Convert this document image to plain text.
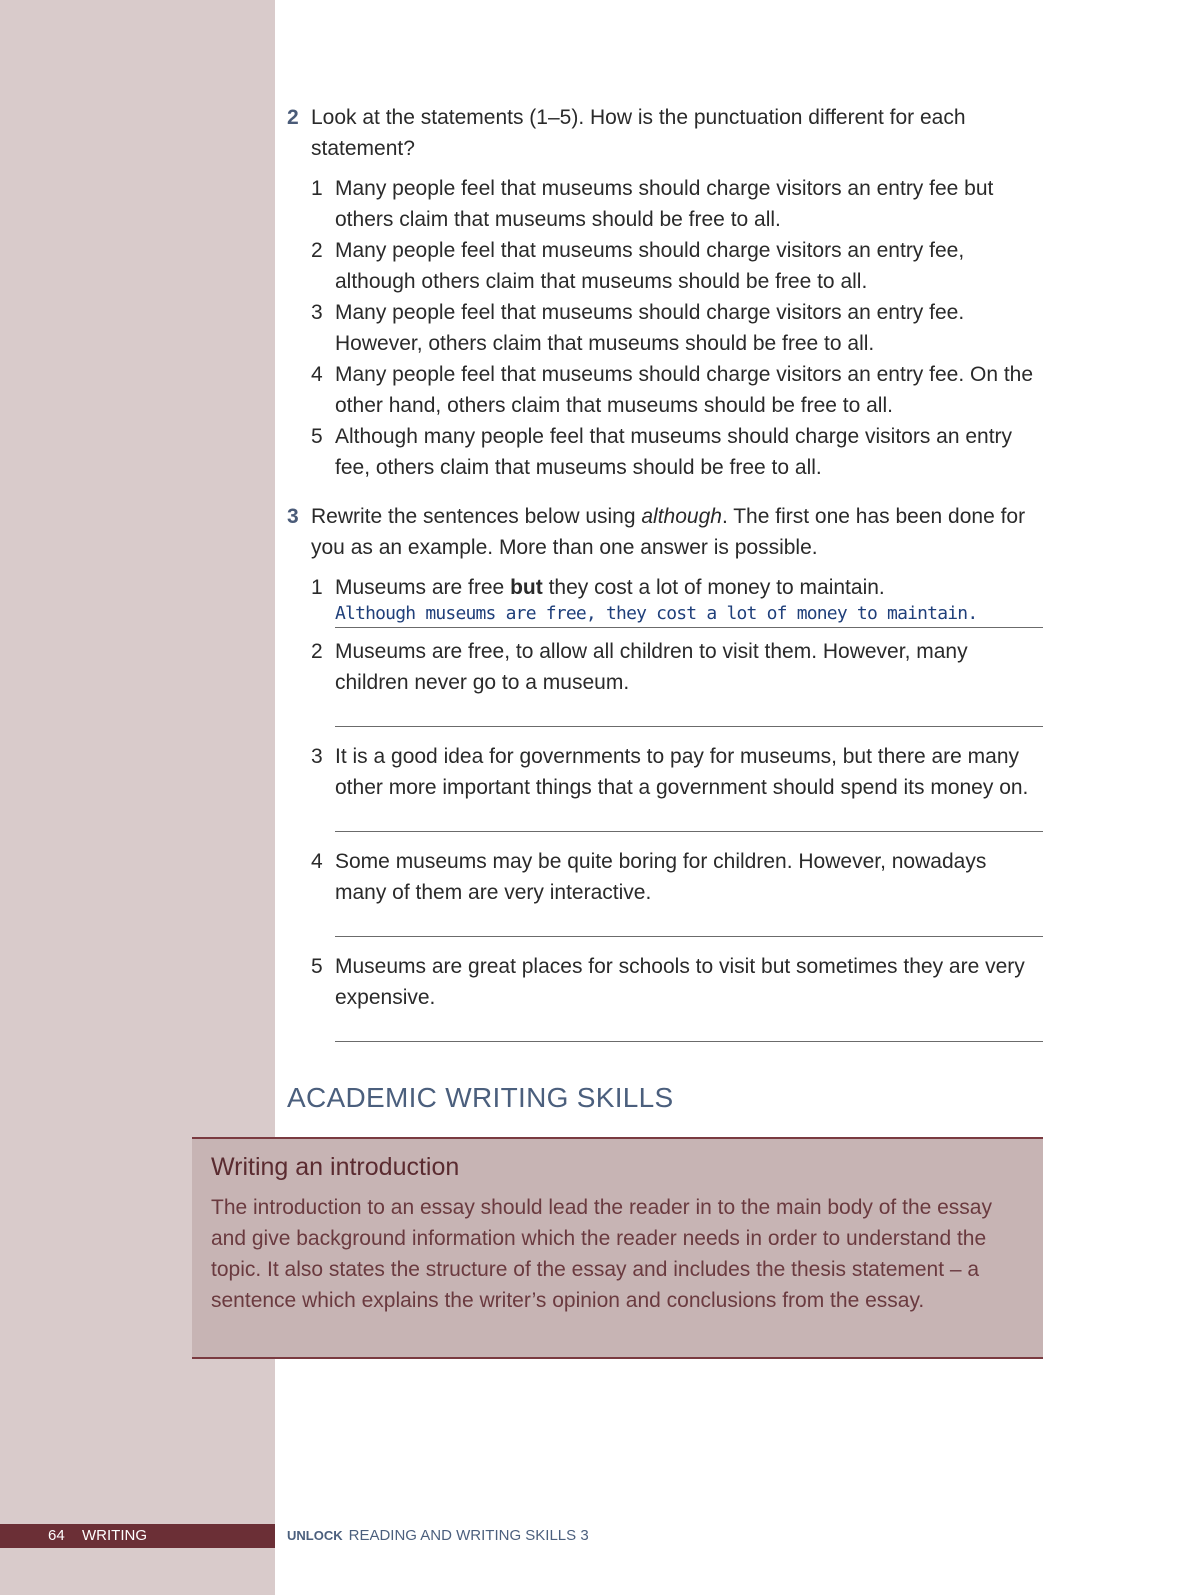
2 Look at the statements (1–5). How is the punctuation different for each statement?
1 Many people feel that museums should charge visitors an entry fee but others claim that museums should be free to all.
2 Many people feel that museums should charge visitors an entry fee, although others claim that museums should be free to all.
3 Many people feel that museums should charge visitors an entry fee. However, others claim that museums should be free to all.
4 Many people feel that museums should charge visitors an entry fee. On the other hand, others claim that museums should be free to all.
5 Although many people feel that museums should charge visitors an entry fee, others claim that museums should be free to all.
3 Rewrite the sentences below using although. The first one has been done for you as an example. More than one answer is possible.
1 Museums are free but they cost a lot of money to maintain.
Although museums are free, they cost a lot of money to maintain.
2 Museums are free, to allow all children to visit them. However, many children never go to a museum.
3 It is a good idea for governments to pay for museums, but there are many other more important things that a government should spend its money on.
4 Some museums may be quite boring for children. However, nowadays many of them are very interactive.
5 Museums are great places for schools to visit but sometimes they are very expensive.
ACADEMIC WRITING SKILLS
Writing an introduction
The introduction to an essay should lead the reader in to the main body of the essay and give background information which the reader needs in order to understand the topic. It also states the structure of the essay and includes the thesis statement – a sentence which explains the writer’s opinion and conclusions from the essay.
64 WRITING	UNLOCK READING AND WRITING SKILLS 3
